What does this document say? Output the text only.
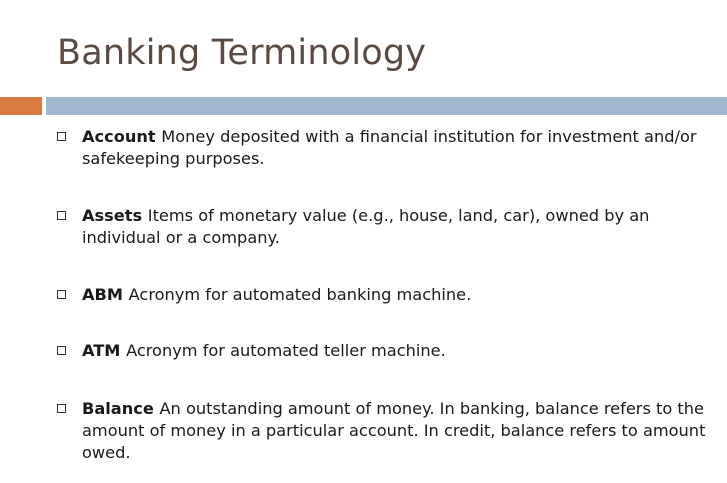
Banking Terminology
Account Money deposited with a financial institution for investment and/or safekeeping purposes.
Assets Items of monetary value (e.g., house, land, car), owned by an individual or a company.
ABM Acronym for automated banking machine.
ATM Acronym for automated teller machine.
Balance An outstanding amount of money. In banking, balance refers to the amount of money in a particular account. In credit, balance refers to amount owed.
